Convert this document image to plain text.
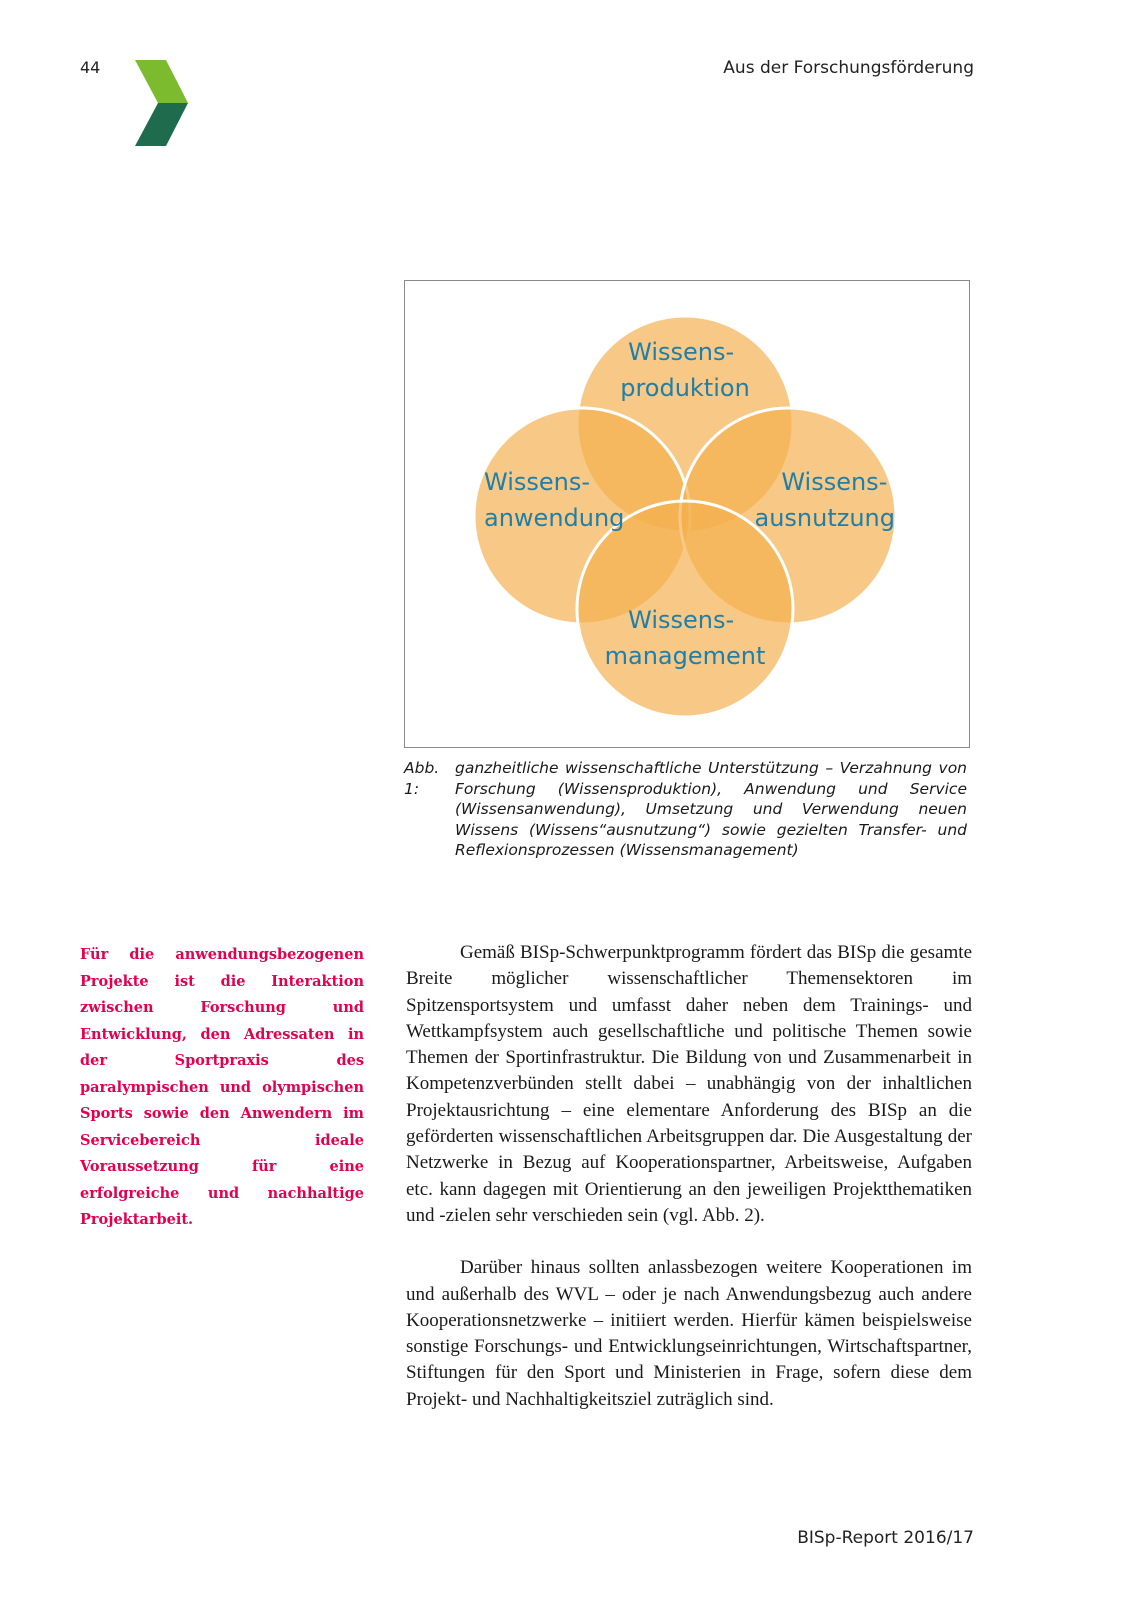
44	Aus der Forschungsförderung
Wissens- produktion
Wissens- anwendung
Wissens- ausnutzung
Wissens- management
Abb. 1:ganzheitliche wissenschaftliche Unterstützung – Verzahnung von Forschung (Wissensproduktion), Anwendung und Service (Wissensanwendung), Umsetzung und Verwendung neuen Wissens (Wissens“ausnutzung“) sowie gezielten Transfer- und Reflexionsprozessen (Wissensmanagement)
Für die anwendungsbezogenen Projekte ist die Interaktion zwischen Forschung und Entwicklung, den Adressaten in der Sportpraxis des paralympischen und olympischen Sports sowie den Anwendern im Servicebereich ideale Voraussetzung für eine erfolgreiche und nachhaltige Projektarbeit.

Gemäß BISp-Schwerpunktprogramm fördert das BISp die gesamte Breite möglicher wissenschaftlicher Themensektoren im Spitzensportsystem und umfasst daher neben dem Trainings- und Wettkampfsystem auch gesellschaftliche und politische Themen sowie Themen der Sportinfrastruktur. Die Bildung von und Zusammenarbeit in Kompetenzverbünden stellt dabei – unabhängig von der inhaltlichen Projektausrichtung – eine elementare Anforderung des BISp an die geförderten wissenschaftlichen Arbeitsgruppen dar. Die Ausgestaltung der Netzwerke in Bezug auf Kooperationspartner, Arbeitsweise, Aufgaben etc. kann dagegen mit Orientierung an den jeweiligen Projektthematiken und -zielen sehr verschieden sein (vgl. Abb. 2).

Darüber hinaus sollten anlassbezogen weitere Kooperationen im und außerhalb des WVL – oder je nach Anwendungsbezug auch andere Kooperationsnetzwerke – initiiert werden. Hierfür kämen beispielsweise sonstige Forschungs- und Entwicklungseinrichtungen, Wirtschaftspartner, Stiftungen für den Sport und Ministerien in Frage, sofern diese dem Projekt- und Nachhaltigkeitsziel zuträglich sind.

BISp-Report 2016/17
